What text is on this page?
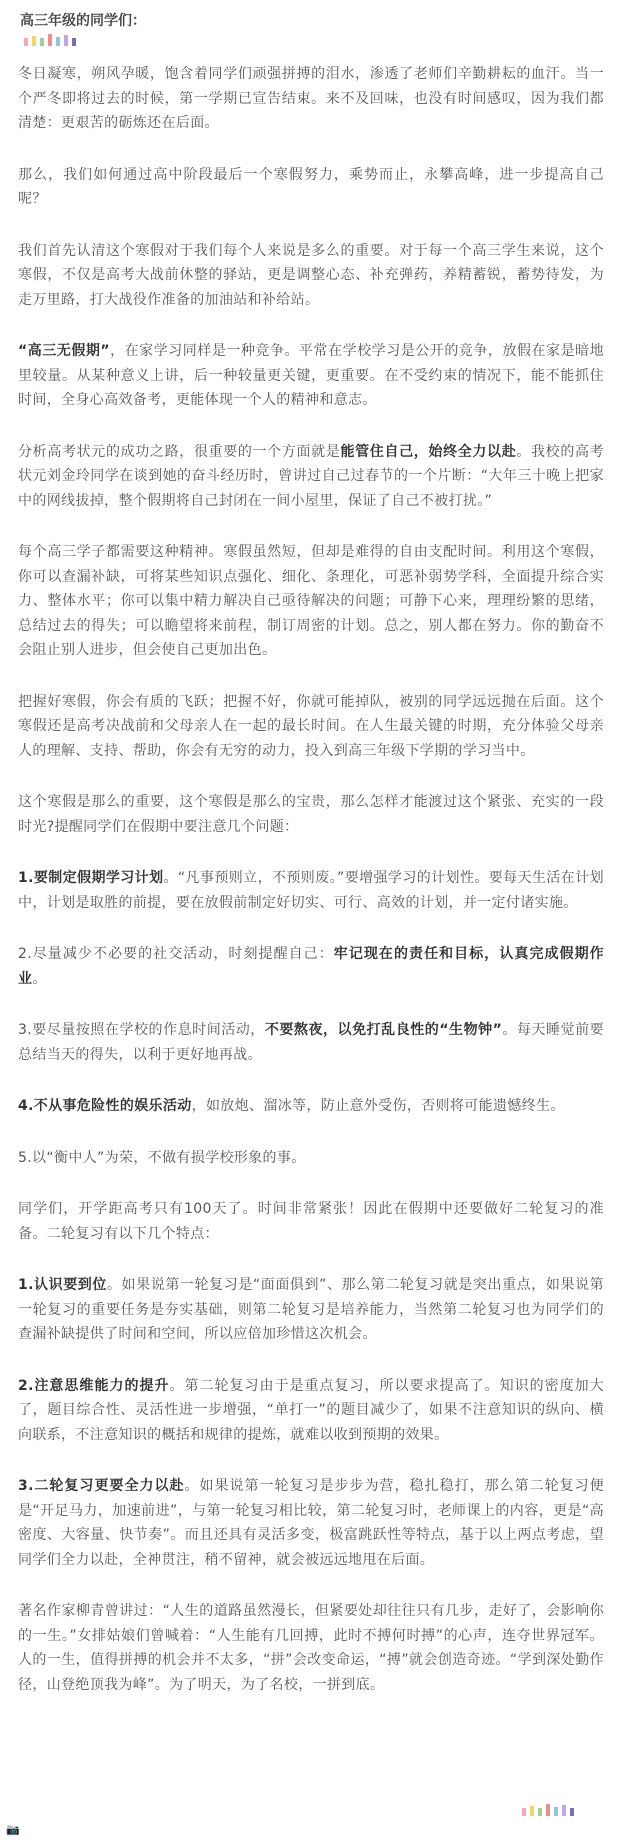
高三年级的同学们：

冬日凝寒，朔风孕暖，饱含着同学们顽强拼搏的泪水，渗透了老师们辛勤耕耘的血汗。当一个严冬即将过去的时候，第一学期已宣告结束。来不及回味，也没有时间感叹，因为我们都清楚：更艰苦的砺炼还在后面。

那么，我们如何通过高中阶段最后一个寒假努力，乘势而止，永攀高峰，进一步提高自己呢？

我们首先认清这个寒假对于我们每个人来说是多么的重要。对于每一个高三学生来说，这个寒假，不仅是高考大战前休整的驿站，更是调整心态、补充弹药，养精蓄锐，蓄势待发，为走万里路，打大战役作准备的加油站和补给站。

“高三无假期”，在家学习同样是一种竞争。平常在学校学习是公开的竞争，放假在家是暗地里较量。从某种意义上讲，后一种较量更关键，更重要。在不受约束的情况下，能不能抓住时间，全身心高效备考，更能体现一个人的精神和意志。

分析高考状元的成功之路，很重要的一个方面就是能管住自己，始终全力以赴。我校的高考状元刘金玲同学在谈到她的奋斗经历时，曾讲过自己过春节的一个片断：“大年三十晚上把家中的网线拔掉，整个假期将自己封闭在一间小屋里，保证了自己不被打扰。”

每个高三学子都需要这种精神。寒假虽然短，但却是难得的自由支配时间。利用这个寒假，你可以查漏补缺，可将某些知识点强化、细化、条理化，可恶补弱势学科，全面提升综合实力、整体水平；你可以集中精力解决自己亟待解决的问题；可静下心来，理理纷繁的思绪，总结过去的得失；可以瞻望将来前程，制订周密的计划。总之，别人都在努力。你的勤奋不会阻止别人进步，但会使自己更加出色。

把握好寒假，你会有质的飞跃；把握不好，你就可能掉队，被别的同学远远抛在后面。这个寒假还是高考决战前和父母亲人在一起的最长时间。在人生最关键的时期，充分体验父母亲人的理解、支持、帮助，你会有无穷的动力，投入到高三年级下学期的学习当中。

这个寒假是那么的重要，这个寒假是那么的宝贵，那么怎样才能渡过这个紧张、充实的一段时光?提醒同学们在假期中要注意几个问题：

1.要制定假期学习计划。“凡事预则立，不预则废。”要增强学习的计划性。要每天生活在计划中，计划是取胜的前提，要在放假前制定好切实、可行、高效的计划，并一定付诸实施。

2.尽量减少不必要的社交活动，时刻提醒自己：牢记现在的责任和目标，认真完成假期作业。

3.要尽量按照在学校的作息时间活动，不要熬夜，以免打乱良性的“生物钟”。每天睡觉前要总结当天的得失，以利于更好地再战。

4.不从事危险性的娱乐活动，如放炮、溜冰等，防止意外受伤，否则将可能遗憾终生。

5.以“衡中人”为荣，不做有损学校形象的事。

同学们，开学距高考只有100天了。时间非常紧张！因此在假期中还要做好二轮复习的准备。二轮复习有以下几个特点：

1.认识要到位。如果说第一轮复习是“面面俱到”、那么第二轮复习就是突出重点，如果说第一轮复习的重要任务是夯实基础，则第二轮复习是培养能力，当然第二轮复习也为同学们的查漏补缺提供了时间和空间，所以应倍加珍惜这次机会。

2.注意思维能力的提升。第二轮复习由于是重点复习，所以要求提高了。知识的密度加大了，题目综合性、灵活性进一步增强，“单打一”的题目减少了，如果不注意知识的纵向、横向联系，不注意知识的概括和规律的提炼，就难以收到预期的效果。

3.二轮复习更要全力以赴。如果说第一轮复习是步步为营，稳扎稳打，那么第二轮复习便是“开足马力，加速前进”，与第一轮复习相比较，第二轮复习时，老师课上的内容，更是“高密度、大容量、快节奏”。而且还具有灵活多变，极富跳跃性等特点，基于以上两点考虑，望同学们全力以赴，全神贯注，稍不留神，就会被远远地甩在后面。

著名作家柳青曾讲过：“人生的道路虽然漫长，但紧要处却往往只有几步，走好了，会影响你的一生。”女排姑娘们曾喊着：“人生能有几回搏，此时不搏何时搏”的心声，连夺世界冠军。人的一生，值得拼搏的机会并不太多，“拼”会改变命运，“搏”就会创造奇迹。“学到深处勤作径，山登绝顶我为峰”。为了明天，为了名校，一拼到底。

📷
